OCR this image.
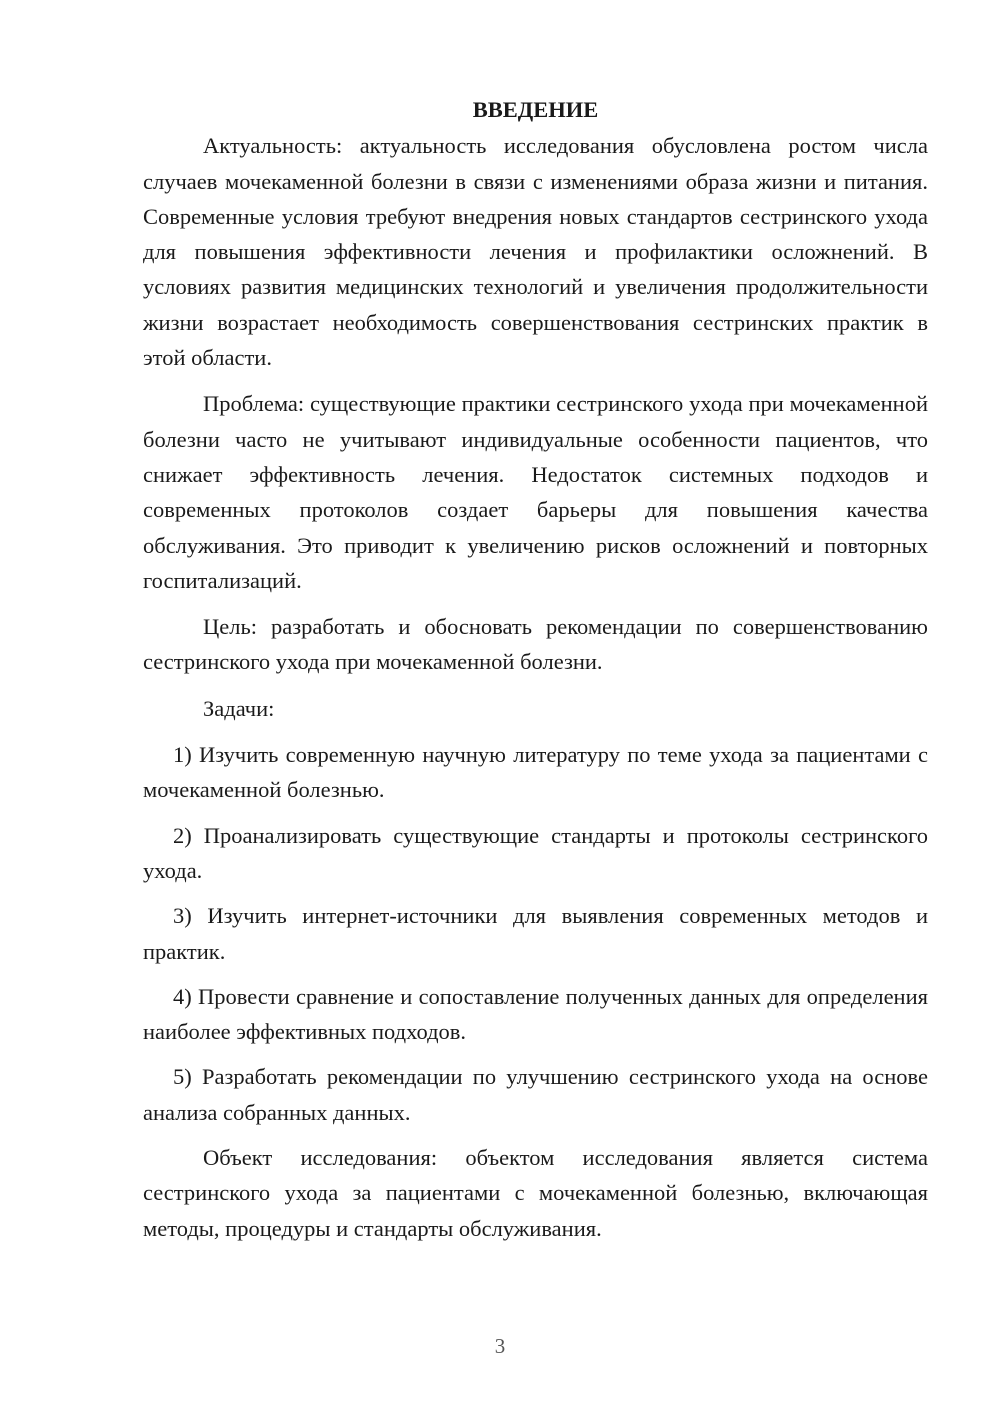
ВВЕДЕНИЕ

Актуальность: актуальность исследования обусловлена ростом числа случаев мочекаменной болезни в связи с изменениями образа жизни и питания. Современные условия требуют внедрения новых стандартов сестринского ухода для повышения эффективности лечения и профилактики осложнений. В условиях развития медицинских технологий и увеличения продолжительности жизни возрастает необходимость совершенствования сестринских практик в этой области.

Проблема: существующие практики сестринского ухода при мочекаменной болезни часто не учитывают индивидуальные особенности пациентов, что снижает эффективность лечения. Недостаток системных подходов и современных протоколов создает барьеры для повышения качества обслуживания. Это приводит к увеличению рисков осложнений и повторных госпитализаций.

Цель: разработать и обосновать рекомендации по совершенствованию сестринского ухода при мочекаменной болезни.

Задачи:

1) Изучить современную научную литературу по теме ухода за пациентами с мочекаменной болезнью.

2) Проанализировать существующие стандарты и протоколы сестринского ухода.

3) Изучить интернет-источники для выявления современных методов и практик.

4) Провести сравнение и сопоставление полученных данных для определения наиболее эффективных подходов.

5) Разработать рекомендации по улучшению сестринского ухода на основе анализа собранных данных.

Объект исследования: объектом исследования является система сестринского ухода за пациентами с мочекаменной болезнью, включающая методы, процедуры и стандарты обслуживания.

3
